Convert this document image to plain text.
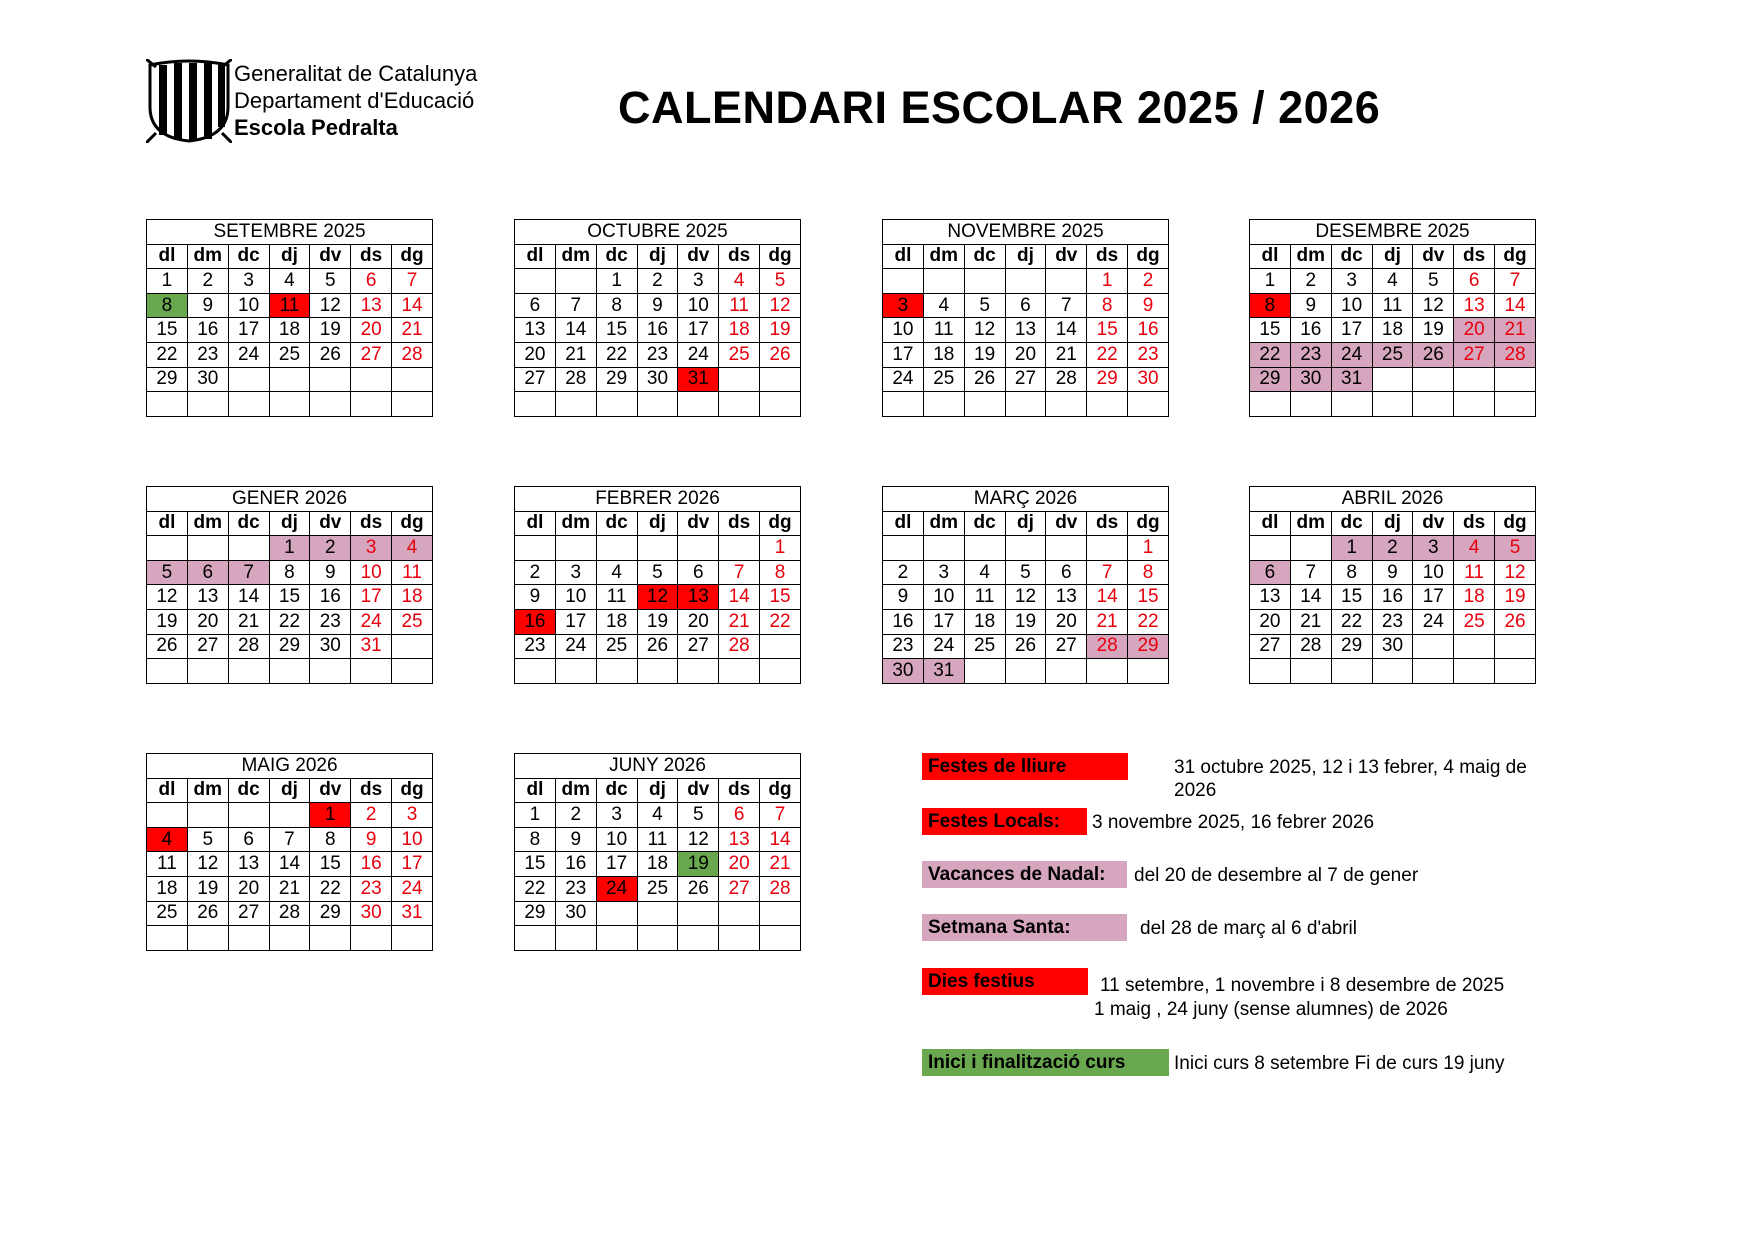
Generalitat de Catalunya
Departament d'Educació
Escola Pedralta	CALENDARI ESCOLAR 2025 / 2026
SETEMBRE 2025						
dl	dm	dc	dj	dv	ds	dg
1	2	3	4	5	6	7
8	9	10	11	12	13	14
15	16	17	18	19	20	21
22	23	24	25	26	27	28
29	30					

OCTUBRE 2025						
dl	dm	dc	dj	dv	ds	dg
		1	2	3	4	5
6	7	8	9	10	11	12
13	14	15	16	17	18	19
20	21	22	23	24	25	26
27	28	29	30	31		

NOVEMBRE 2025						
dl	dm	dc	dj	dv	ds	dg
					1	2
3	4	5	6	7	8	9
10	11	12	13	14	15	16
17	18	19	20	21	22	23
24	25	26	27	28	29	30

DESEMBRE 2025						
dl	dm	dc	dj	dv	ds	dg
1	2	3	4	5	6	7
8	9	10	11	12	13	14
15	16	17	18	19	20	21
22	23	24	25	26	27	28
29	30	31				

GENER 2026						
dl	dm	dc	dj	dv	ds	dg
			1	2	3	4
5	6	7	8	9	10	11
12	13	14	15	16	17	18
19	20	21	22	23	24	25
26	27	28	29	30	31	

FEBRER 2026						
dl	dm	dc	dj	dv	ds	dg
						1
2	3	4	5	6	7	8
9	10	11	12	13	14	15
16	17	18	19	20	21	22
23	24	25	26	27	28	

MARÇ 2026						
dl	dm	dc	dj	dv	ds	dg
						1
2	3	4	5	6	7	8
9	10	11	12	13	14	15
16	17	18	19	20	21	22
23	24	25	26	27	28	29
30	31					
ABRIL 2026						
dl	dm	dc	dj	dv	ds	dg
		1	2	3	4	5
6	7	8	9	10	11	12
13	14	15	16	17	18	19
20	21	22	23	24	25	26
27	28	29	30			

MAIG 2026						
dl	dm	dc	dj	dv	ds	dg
				1	2	3
4	5	6	7	8	9	10
11	12	13	14	15	16	17
18	19	20	21	22	23	24
25	26	27	28	29	30	31

JUNY 2026						
dl	dm	dc	dj	dv	ds	dg
1	2	3	4	5	6	7
8	9	10	11	12	13	14
15	16	17	18	19	20	21
22	23	24	25	26	27	28
29	30					

Festes de lliure	31 octubre 2025, 12 i 13 febrer, 4 maig de 2026
Festes Locals:	3 novembre 2025, 16 febrer 2026
Vacances de Nadal:	del 20 de desembre al 7 de gener
Setmana Santa:	del 28 de març al 6 d'abril
Dies festius	11 setembre, 1 novembre i 8 desembre de 2025
1 maig , 24 juny (sense alumnes) de 2026
Inici i finalització curs	Inici curs 8 setembre Fi de curs 19 juny
